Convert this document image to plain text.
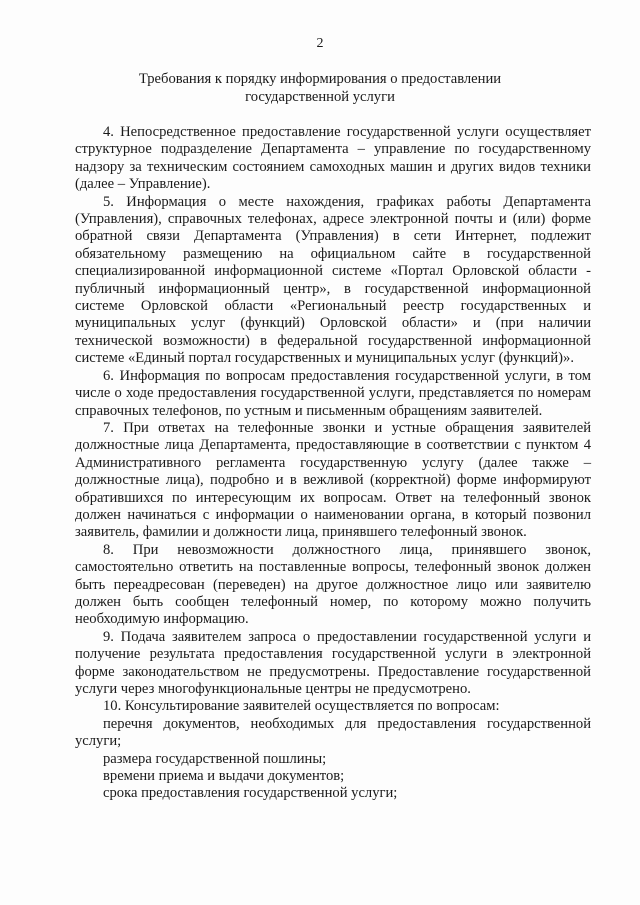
2
Требования к порядку информирования о предоставлении
государственной услуги

4. Непосредственное предоставление государственной услуги осуществляет структурное подразделение Департамента – управление по государственному надзору за техническим состоянием самоходных машин и других видов техники (далее – Управление).

5. Информация о месте нахождения, графиках работы Департамента (Управления), справочных телефонах, адресе электронной почты и (или) форме обратной связи Департамента (Управления) в сети Интернет, подлежит обязательному размещению на официальном сайте в государственной специализированной информационной системе «Портал Орловской области - публичный информационный центр», в государственной информационной системе Орловской области «Региональный реестр государственных и муниципальных услуг (функций) Орловской области» и (при наличии технической возможности) в федеральной государственной информационной системе «Единый портал государственных и муниципальных услуг (функций)».

6. Информация по вопросам предоставления государственной услуги, в том числе о ходе предоставления государственной услуги, представляется по номерам справочных телефонов, по устным и письменным обращениям заявителей.

7. При ответах на телефонные звонки и устные обращения заявителей должностные лица Департамента, предоставляющие в соответствии с пунктом 4 Административного регламента государственную услугу (далее также – должностные лица), подробно и в вежливой (корректной) форме информируют обратившихся по интересующим их вопросам. Ответ на телефонный звонок должен начинаться с информации о наименовании органа, в который позвонил заявитель, фамилии и должности лица, принявшего телефонный звонок.

8. При невозможности должностного лица, принявшего звонок, самостоятельно ответить на поставленные вопросы, телефонный звонок должен быть переадресован (переведен) на другое должностное лицо или заявителю должен быть сообщен телефонный номер, по которому можно получить необходимую информацию.

9. Подача заявителем запроса о предоставлении государственной услуги и получение результата предоставления государственной услуги в электронной форме законодательством не предусмотрены. Предоставление государственной услуги через многофункциональные центры не предусмотрено.

10. Консультирование заявителей осуществляется по вопросам:

перечня документов, необходимых для предоставления государственной услуги;

размера государственной пошлины;

времени приема и выдачи документов;

срока предоставления государственной услуги;
